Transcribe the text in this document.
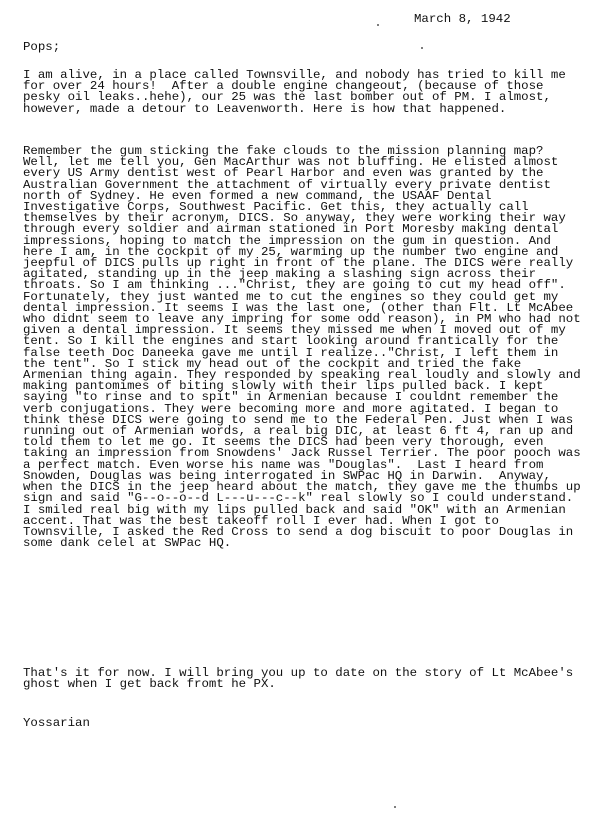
March 8, 1942
Pops;

I am alive, in a place called Townsville, and nobody has tried to kill me for over 24 hours!  After a double engine changeout, (because of those pesky oil leaks..hehe), our 25 was the last bomber out of PM. I almost, however, made a detour to Leavenworth. Here is how that happened.

Remember the gum sticking the fake clouds to the mission planning map? Well, let me tell you, Gen MacArthur was not bluffing. He elisted almost every US Army dentist west of Pearl Harbor and even was granted by the Australian Government the attachment of virtually every private dentist north of Sydney. He even formed a new command, the USAAF Dental Investigative Corps, Southwest Pacific. Get this, they actually call themselves by their acronym, DICS. So anyway, they were working their way through every soldier and airman stationed in Port Moresby making dental impressions, hoping to match the impression on the gum in question. And here I am, in the cockpit of my 25, warming up the number two engine and jeepful of DICS pulls up right in front of the plane. The DICS were really agitated, standing up in the jeep making a slashing sign across their throats. So I am thinking ..."Christ, they are going to cut my head off". Fortunately, they just wanted me to cut the engines so they could get my dental impression. It seems I was the last one, (other than Flt. Lt McAbee who didnt seem to leave any impring for some odd reason), in PM who had not given a dental impression. It seems they missed me when I moved out of my tent. So I kill the engines and start looking around frantically for the false teeth Doc Daneeka gave me until I realize.."Christ, I left them in the tent". So I stick my head out of the cockpit and tried the fake Armenian thing again. They responded by speaking real loudly and slowly and making pantomimes of biting slowly with their lips pulled back. I kept saying "to rinse and to spit" in Armenian because I couldnt remember the verb conjugations. They were becoming more and more agitated. I began to think these DICS were going to send me to the Federal Pen. Just when I was running out of Armenian words, a real big DIC, at least 6 ft 4, ran up and told them to let me go. It seems the DICS had been very thorough, even taking an impression from Snowdens' Jack Russel Terrier. The poor pooch was a perfect match. Even worse his name was "Douglas".  Last I heard from Snowden, Douglas was being interrogated in SWPac HQ in Darwin.  Anyway, when the DICS in the jeep heard about the match, they gave me the thumbs up sign and said "G--o--o--d L---u---c--k" real slowly so I could understand.  I smiled real big with my lips pulled back and said "OK" with an Armenian accent. That was the best takeoff roll I ever had. When I got to Townsville, I asked the Red Cross to send a dog biscuit to poor Douglas in some dank celel at SWPac HQ.

That's it for now. I will bring you up to date on the story of Lt McAbee's ghost when I get back fromt he PX.

Yossarian
